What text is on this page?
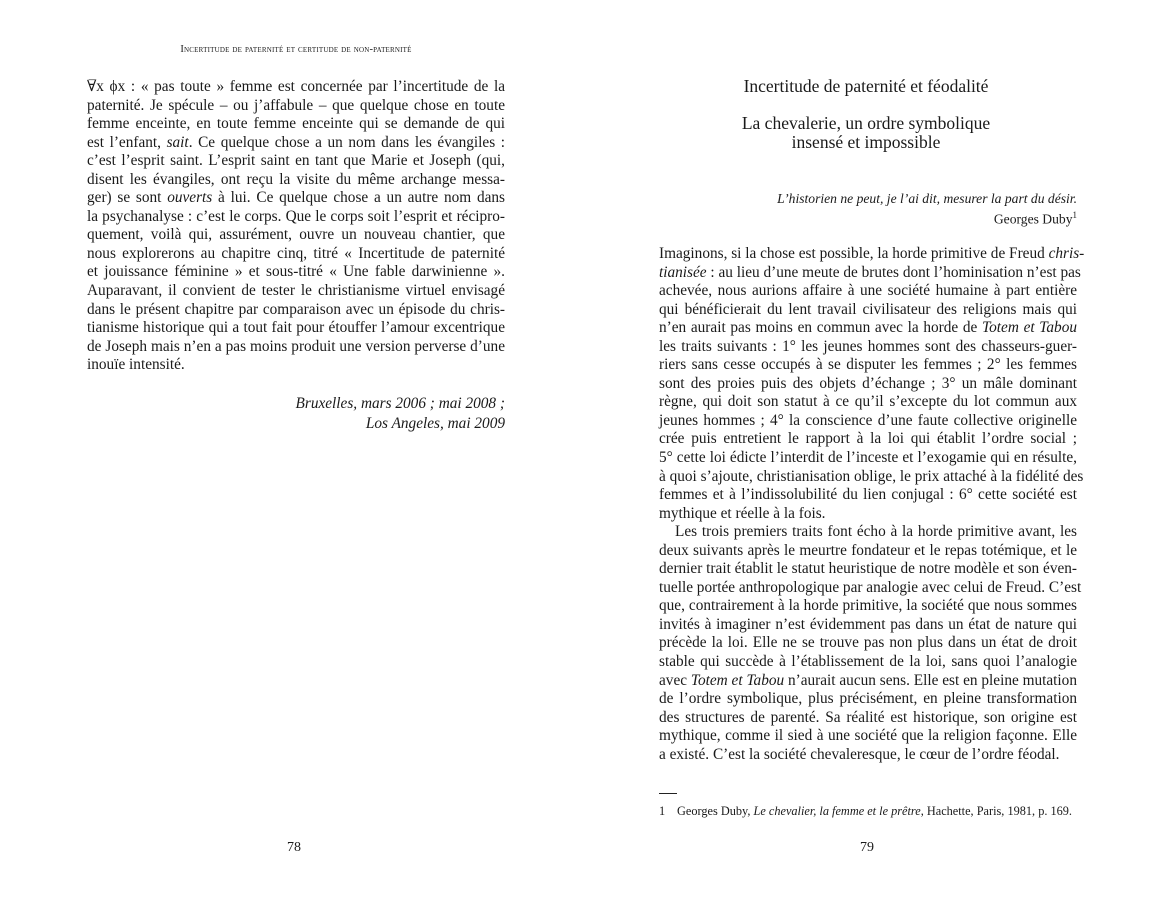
Incertitude de paternité et certitude de non-paternité
∀̅x ϕx : « pas toute » femme est concernée par l’incertitude de la
paternité. Je spécule – ou j’affabule – que quelque chose en toute
femme enceinte, en toute femme enceinte qui se demande de qui
est l’enfant, sait. Ce quelque chose a un nom dans les évangiles :
c’est l’esprit saint. L’esprit saint en tant que Marie et Joseph (qui,
disent les évangiles, ont reçu la visite du même archange messa-
ger) se sont ouverts à lui. Ce quelque chose a un autre nom dans
la psychanalyse : c’est le corps. Que le corps soit l’esprit et récipro-
quement, voilà qui, assurément, ouvre un nouveau chantier, que
nous explorerons au chapitre cinq, titré « Incertitude de paternité
et jouissance féminine » et sous-titré « Une fable darwinienne ».
Auparavant, il convient de tester le christianisme virtuel envisagé
dans le présent chapitre par comparaison avec un épisode du chris-
tianisme historique qui a tout fait pour étouffer l’amour excentrique
de Joseph mais n’en a pas moins produit une version perverse d’une
inouïe intensité.
Bruxelles, mars 2006 ; mai 2008 ;
Los Angeles, mai 2009
78
Incertitude de paternité et féodalité
La chevalerie, un ordre symbolique
insensé et impossible
L’historien ne peut, je l’ai dit, mesurer la part du désir.
Georges Duby$^1$
Imaginons, si la chose est possible, la horde primitive de Freud chris-
tianisée : au lieu d’une meute de brutes dont l’hominisation n’est pas
achevée, nous aurions affaire à une société humaine à part entière
qui bénéficierait du lent travail civilisateur des religions mais qui
n’en aurait pas moins en commun avec la horde de Totem et Tabou
les traits suivants : 1° les jeunes hommes sont des chasseurs-guer-
riers sans cesse occupés à se disputer les femmes ; 2° les femmes
sont des proies puis des objets d’échange ; 3° un mâle dominant
règne, qui doit son statut à ce qu’il s’excepte du lot commun aux
jeunes hommes ; 4° la conscience d’une faute collective originelle
crée puis entretient le rapport à la loi qui établit l’ordre social ;
5° cette loi édicte l’interdit de l’inceste et l’exogamie qui en résulte,
à quoi s’ajoute, christianisation oblige, le prix attaché à la fidélité des
femmes et à l’indissolubilité du lien conjugal : 6° cette société est
mythique et réelle à la fois.
Les trois premiers traits font écho à la horde primitive avant, les
deux suivants après le meurtre fondateur et le repas totémique, et le
dernier trait établit le statut heuristique de notre modèle et son éven-
tuelle portée anthropologique par analogie avec celui de Freud. C’est
que, contrairement à la horde primitive, la société que nous sommes
invités à imaginer n’est évidemment pas dans un état de nature qui
précède la loi. Elle ne se trouve pas non plus dans un état de droit
stable qui succède à l’établissement de la loi, sans quoi l’analogie
avec Totem et Tabou n’aurait aucun sens. Elle est en pleine mutation
de l’ordre symbolique, plus précisément, en pleine transformation
des structures de parenté. Sa réalité est historique, son origine est
mythique, comme il sied à une société que la religion façonne. Elle
a existé. C’est la société chevaleresque, le cœur de l’ordre féodal.
1 Georges Duby, Le chevalier, la femme et le prêtre, Hachette, Paris, 1981, p. 169.
79
